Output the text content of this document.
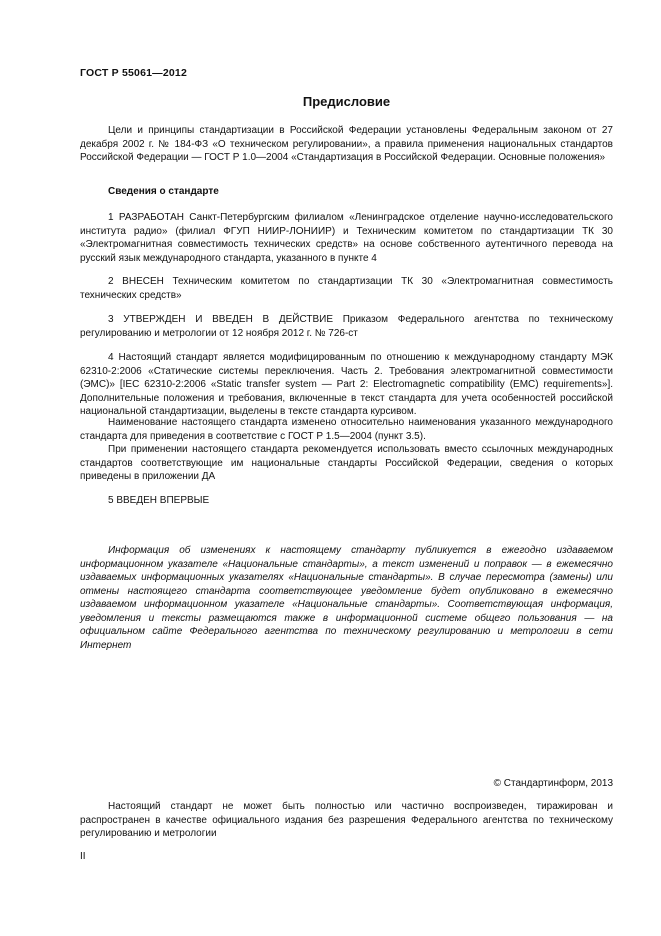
ГОСТ Р 55061—2012
Предисловие

Цели и принципы стандартизации в Российской Федерации установлены Федеральным законом от 27 декабря 2002 г. № 184-ФЗ «О техническом регулировании», а правила применения национальных стандартов Российской Федерации — ГОСТ Р 1.0—2004 «Стандартизация в Российской Федерации. Основные положения»

Сведения о стандарте

1 РАЗРАБОТАН Санкт-Петербургским филиалом «Ленинградское отделение научно-исследовательского института радио» (филиал ФГУП НИИР-ЛОНИИР) и Техническим комитетом по стандартизации ТК 30 «Электромагнитная совместимость технических средств» на основе собственного аутентичного перевода на русский язык международного стандарта, указанного в пункте 4

2 ВНЕСЕН Техническим комитетом по стандартизации ТК 30 «Электромагнитная совместимость технических средств»

3 УТВЕРЖДЕН И ВВЕДЕН В ДЕЙСТВИЕ Приказом Федерального агентства по техническому регулированию и метрологии от 12 ноября 2012 г. № 726-ст

4 Настоящий стандарт является модифицированным по отношению к международному стандарту МЭК 62310-2:2006 «Статические системы переключения. Часть 2. Требования электромагнитной совместимости (ЭМС)» [IEC 62310-2:2006 «Static transfer system — Part 2: Electromagnetic compatibility (EMC) requirements»]. Дополнительные положения и требования, включенные в текст стандарта для учета особенностей российской национальной стандартизации, выделены в тексте стандарта курсивом.

Наименование настоящего стандарта изменено относительно наименования указанного международного стандарта для приведения в соответствие с ГОСТ Р 1.5—2004 (пункт 3.5).

При применении настоящего стандарта рекомендуется использовать вместо ссылочных международных стандартов соответствующие им национальные стандарты Российской Федерации, сведения о которых приведены в приложении ДА

5 ВВЕДЕН ВПЕРВЫЕ

Информация об изменениях к настоящему стандарту публикуется в ежегодно издаваемом информационном указателе «Национальные стандарты», а текст изменений и поправок — в ежемесячно издаваемых информационных указателях «Национальные стандарты». В случае пересмотра (замены) или отмены настоящего стандарта соответствующее уведомление будет опубликовано в ежемесячно издаваемом информационном указателе «Национальные стандарты». Соответствующая информация, уведомления и тексты размещаются также в информационной системе общего пользования — на официальном сайте Федерального агентства по техническому регулированию и метрологии в сети Интернет

© Стандартинформ, 2013

Настоящий стандарт не может быть полностью или частично воспроизведен, тиражирован и распространен в качестве официального издания без разрешения Федерального агентства по техническому регулированию и метрологии

II
